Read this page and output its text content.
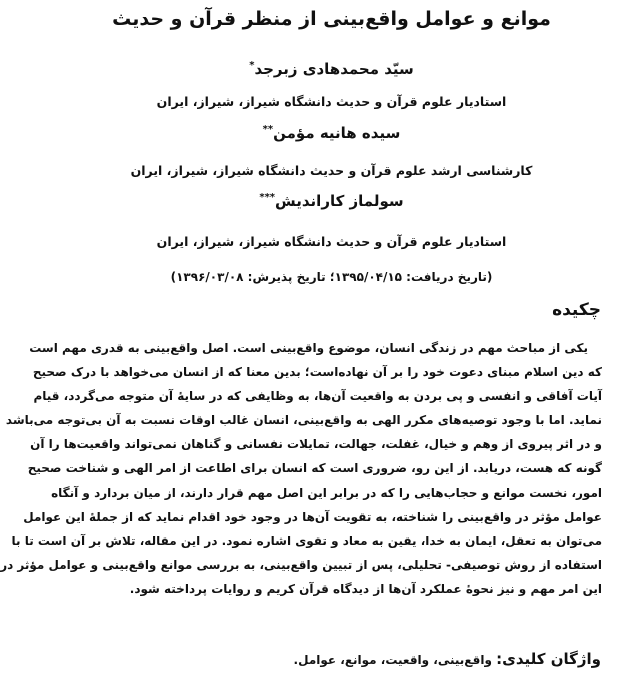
موانع و عوامل واقع‌بینی از منظر قرآن و حدیث
سیّد محمدهادی زبرجد*
استادیار علوم قرآن و حدیث دانشگاه شیراز، شیراز، ایران
سیده هانیه مؤمن**
کارشناسی ارشد علوم قرآن و حدیث دانشگاه شیراز، شیراز، ایران
سولماز کاراندیش***
استادیار علوم قرآن و حدیث دانشگاه شیراز، شیراز، ایران
(تاریخ دریافت: ۱۳۹۵/۰۴/۱۵؛ تاریخ پذیرش: ۱۳۹۶/۰۳/۰۸)
چکیده
یکی از مباحث مهم در زندگی انسان، موضوع واقع‌بینی است. اصل واقع‌بینی به قدری مهم است
که دین اسلام مبنای دعوت خود را بر آن نهاده‌است؛ بدین معنا که از انسان می‌خواهد با درک صحیح
آیات آفاقی و انفسی و پی بردن به واقعیت آن‌ها، به وظایفی که در سایهٔ آن متوجه می‌گردد، قیام
نماید. اما با وجود توصیه‌های مکرر الهی به واقع‌بینی، انسان غالب اوقات نسبت به آن بی‌توجه می‌باشد
و در اثر پیروی از وهم و خیال، غفلت، جهالت، تمایلات نفسانی و گناهان نمی‌تواند واقعیت‌ها را آن
گونه که هست، دریابد. از این رو، ضروری است که انسان برای اطاعت از امر الهی و شناخت صحیح
امور، نخست موانع و حجاب‌هایی را که در برابر این اصل مهم قرار دارند، از میان بردارد و آنگاه
عوامل مؤثر در واقع‌بینی را شناخته، به تقویت آن‌ها در وجود خود اقدام نماید که از جملهٔ این عوامل
می‌توان به تعقل، ایمان به خدا، یقین به معاد و تقوی اشاره نمود. در این مقاله، تلاش بر آن است تا با
استفاده از روش توصیفی- تحلیلی، پس از تبیین واقع‌بینی، به بررسی موانع واقع‌بینی و عوامل مؤثر در
این امر مهم و نیز نحوهٔ عملکرد آن‌ها از دیدگاه قرآن کریم و روایات پرداخته شود.
واژگان کلیدی: واقع‌بینی، واقعیت، موانع، عوامل.
